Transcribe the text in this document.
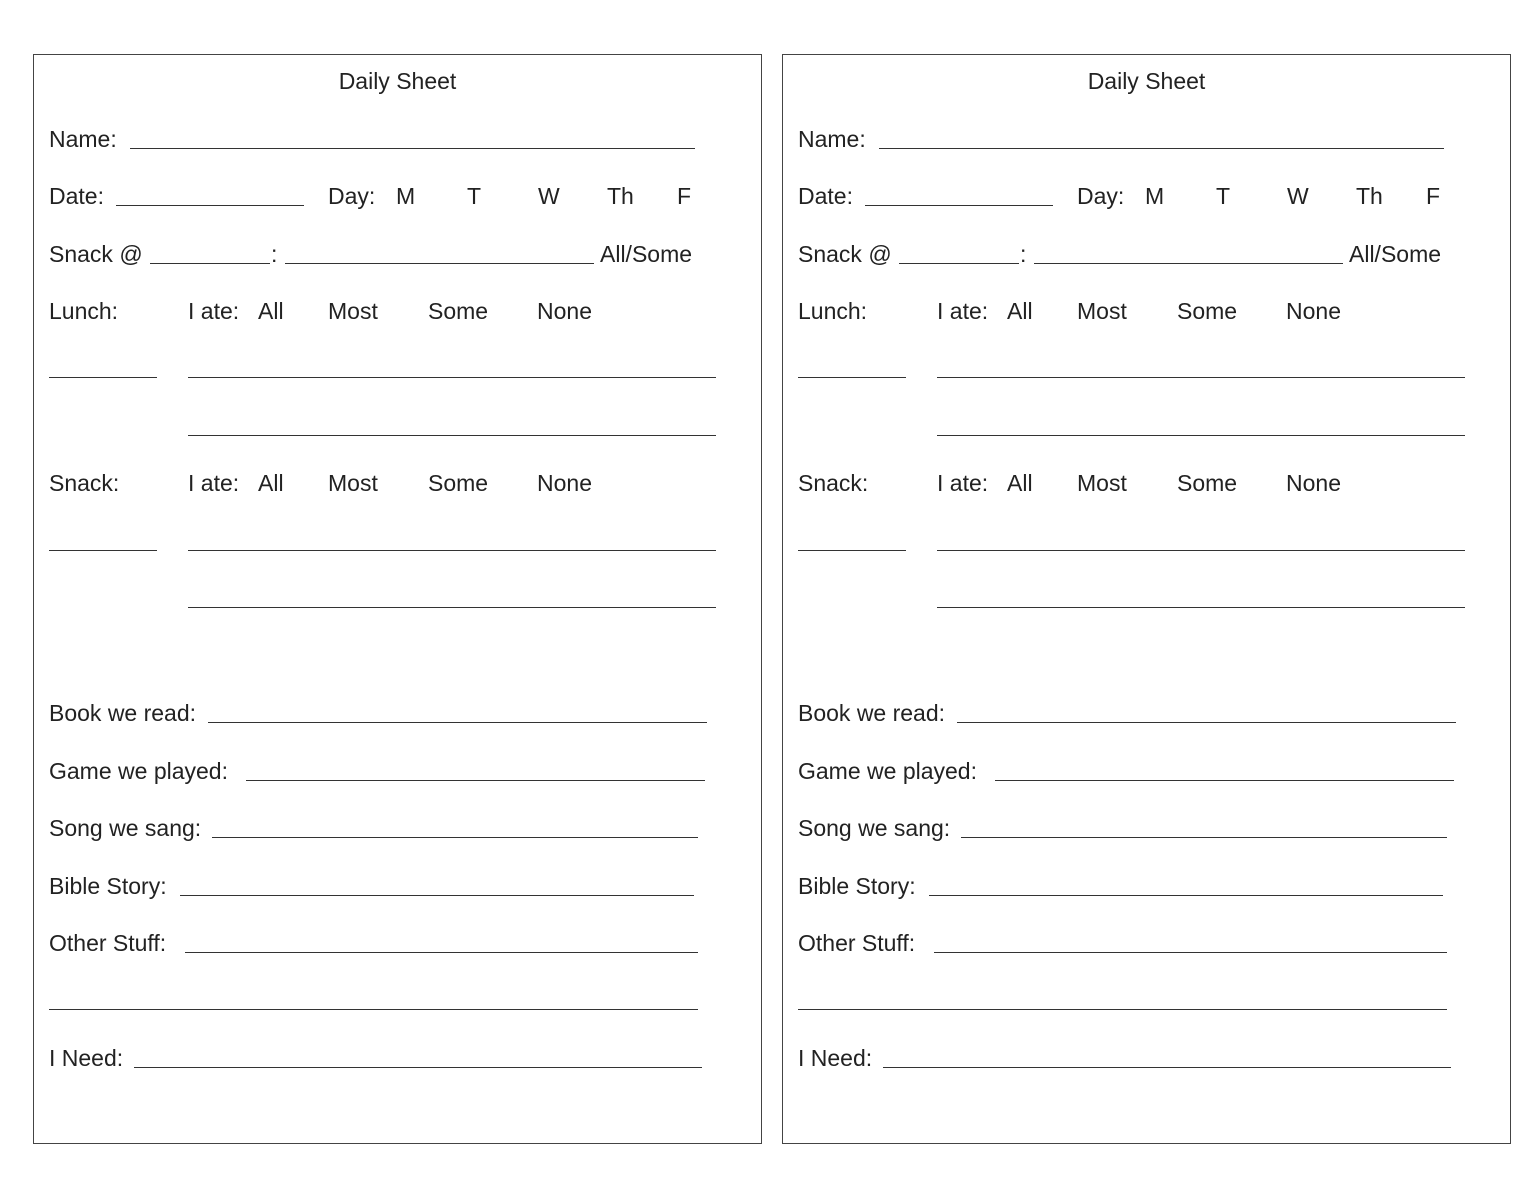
Daily Sheet
Name:
Date:	Day: M T W Th F
Snack @	:	All/Some
Lunch:	I ate: All Most Some None
Snack:	I ate: All Most Some None
Book we read:
Game we played:
Song we sang:
Bible Story:
Other Stuff:
I Need:
Daily Sheet
Name:
Date:	Day: M T W Th F
Snack @	:	All/Some
Lunch:	I ate: All Most Some None
Snack:	I ate: All Most Some None
Book we read:
Game we played:
Song we sang:
Bible Story:
Other Stuff:
I Need:
